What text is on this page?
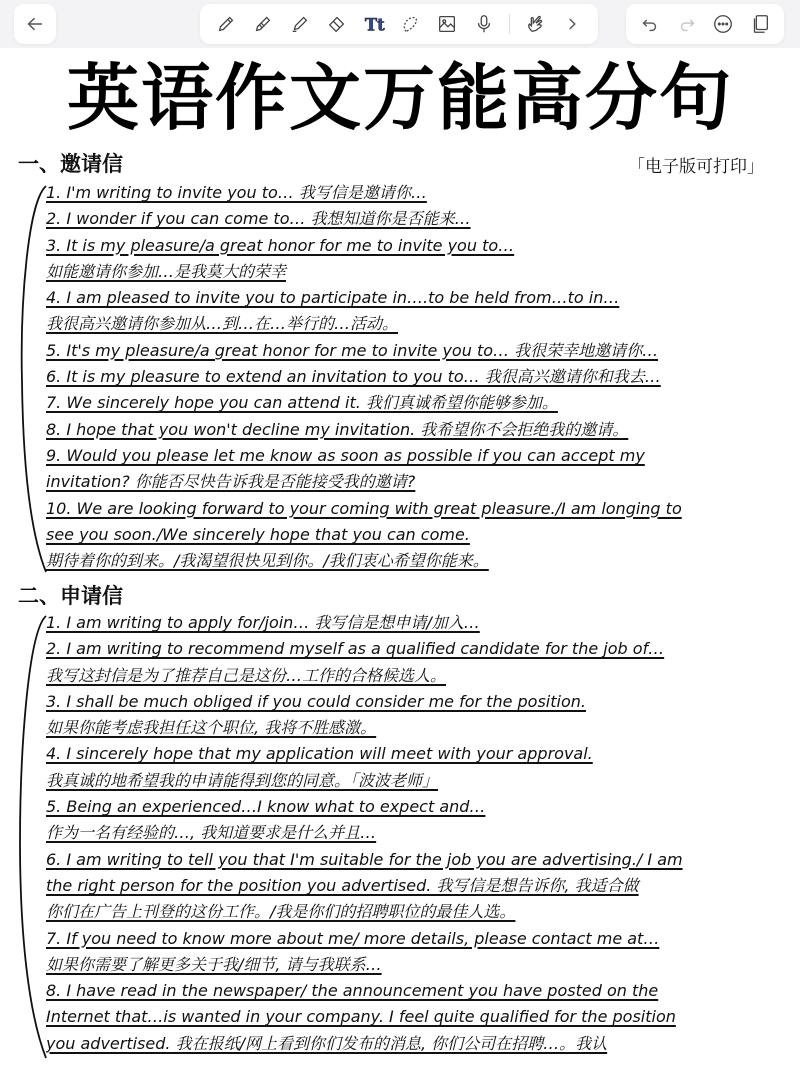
Tt
英语作文万能高分句
一、邀请信	「电子版可打印」
1. I'm writing to invite you to… 我写信是邀请你…
2. I wonder if you can come to… 我想知道你是否能来…
3. It is my pleasure/a great honor for me to invite you to…
如能邀请你参加…是我莫大的荣幸
4. I am pleased to invite you to participate in….to be held from…to in…
我很高兴邀请你参加从…到…在…举行的…活动。
5. It's my pleasure/a great honor for me to invite you to… 我很荣幸地邀请你…
6. It is my pleasure to extend an invitation to you to… 我很高兴邀请你和我去…
7. We sincerely hope you can attend it. 我们真诚希望你能够参加。
8. I hope that you won't decline my invitation. 我希望你不会拒绝我的邀请。
9. Would you please let me know as soon as possible if you can accept my
invitation? 你能否尽快告诉我是否能接受我的邀请?
10. We are looking forward to your coming with great pleasure./I am longing to
see you soon./We sincerely hope that you can come.
期待着你的到来。/我渴望很快见到你。/我们衷心希望你能来。
二、申请信
1. I am writing to apply for/join… 我写信是想申请/加入…
2. I am writing to recommend myself as a qualified candidate for the job of…
我写这封信是为了推荐自己是这份…工作的合格候选人。
3. I shall be much obliged if you could consider me for the position.
如果你能考虑我担任这个职位, 我将不胜感激。
4. I sincerely hope that my application will meet with your approval.
我真诚的地希望我的申请能得到您的同意。「波波老师」
5. Being an experienced…I know what to expect and…
作为一名有经验的…, 我知道要求是什么并且…
6. I am writing to tell you that I'm suitable for the job you are advertising./ I am
the right person for the position you advertised. 我写信是想告诉你, 我适合做
你们在广告上刊登的这份工作。/我是你们的招聘职位的最佳人选。
7. If you need to know more about me/ more details, please contact me at…
如果你需要了解更多关于我/细节, 请与我联系…
8. I have read in the newspaper/ the announcement you have posted on the
Internet that…is wanted in your company. I feel quite qualified for the position
you advertised. 我在报纸/网上看到你们发布的消息, 你们公司在招聘…。我认
